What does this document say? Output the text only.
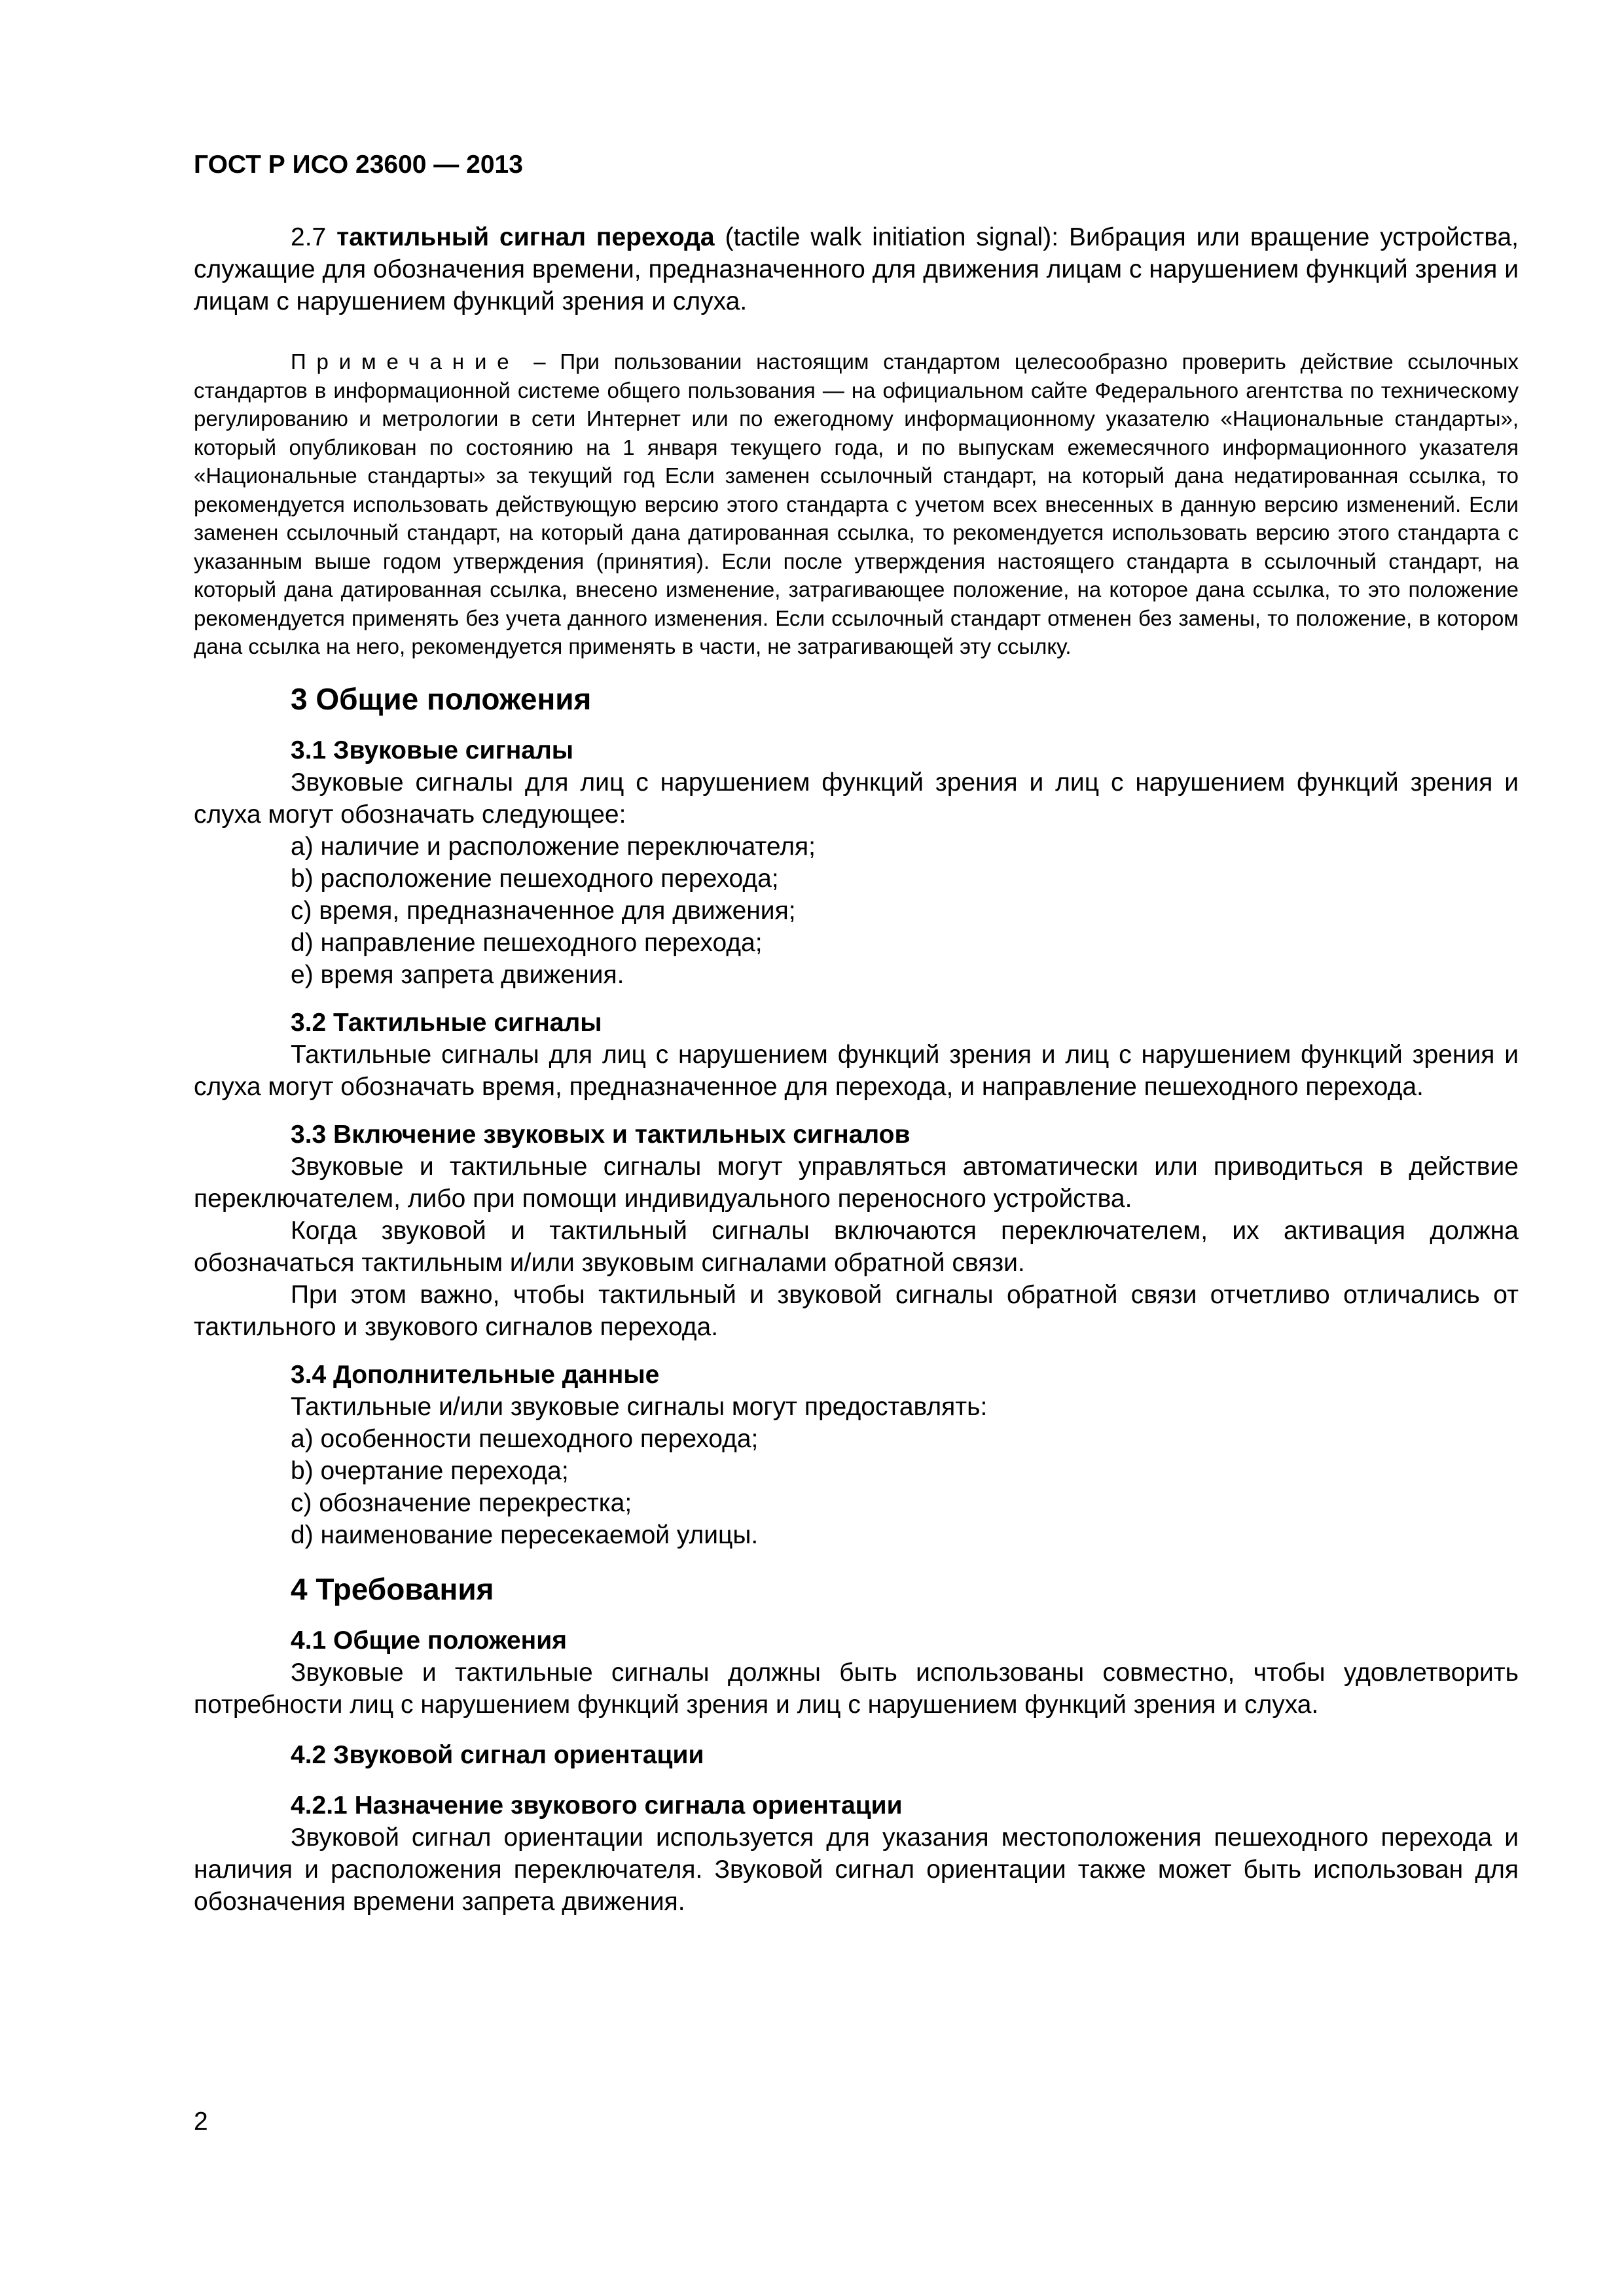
ГОСТ Р ИСО 23600 — 2013

2.7 тактильный сигнал перехода (tactile walk initiation signal): Вибрация или вращение устройства, служащие для обозначения времени, предназначенного для движения лицам с нарушением функций зрения и лицам с нарушением функций зрения и слуха.

Примечание – При пользовании настоящим стандартом целесообразно проверить действие ссылочных стандартов в информационной системе общего пользования — на официальном сайте Федерального агентства по техническому регулированию и метрологии в сети Интернет или по ежегодному информационному указателю «Национальные стандарты», который опубликован по состоянию на 1 января текущего года, и по выпускам ежемесячного информационного указателя «Национальные стандарты» за текущий год Если заменен ссылочный стандарт, на который дана недатированная ссылка, то рекомендуется использовать действующую версию этого стандарта с учетом всех внесенных в данную версию изменений. Если заменен ссылочный стандарт, на который дана датированная ссылка, то рекомендуется использовать версию этого стандарта с указанным выше годом утверждения (принятия). Если после утверждения настоящего стандарта в ссылочный стандарт, на который дана датированная ссылка, внесено изменение, затрагивающее положение, на которое дана ссылка, то это положение рекомендуется применять без учета данного изменения. Если ссылочный стандарт отменен без замены, то положение, в котором дана ссылка на него, рекомендуется применять в части, не затрагивающей эту ссылку.

3 Общие положения
3.1 Звуковые сигналы

Звуковые сигналы для лиц с нарушением функций зрения и лиц с нарушением функций зрения и слуха могут обозначать следующее:

a) наличие и расположение переключателя;

b) расположение пешеходного перехода;

c) время, предназначенное для движения;

d) направление пешеходного перехода;

e) время запрета движения.

3.2 Тактильные сигналы

Тактильные сигналы для лиц с нарушением функций зрения и лиц с нарушением функций зрения и слуха могут обозначать время, предназначенное для перехода, и направление пешеходного перехода.

3.3 Включение звуковых и тактильных сигналов

Звуковые и тактильные сигналы могут управляться автоматически или приводиться в действие переключателем, либо при помощи индивидуального переносного устройства.

Когда звуковой и тактильный сигналы включаются переключателем, их активация должна обозначаться тактильным и/или звуковым сигналами обратной связи.

При этом важно, чтобы тактильный и звуковой сигналы обратной связи отчетливо отличались от тактильного и звукового сигналов перехода.

3.4 Дополнительные данные

Тактильные и/или звуковые сигналы могут предоставлять:

a) особенности пешеходного перехода;

b) очертание перехода;

c) обозначение перекрестка;

d) наименование пересекаемой улицы.

4 Требования
4.1 Общие положения

Звуковые и тактильные сигналы должны быть использованы совместно, чтобы удовлетворить потребности лиц с нарушением функций зрения и лиц с нарушением функций зрения и слуха.

4.2 Звуковой сигнал ориентации
4.2.1 Назначение звукового сигнала ориентации

Звуковой сигнал ориентации используется для указания местоположения пешеходного перехода и наличия и расположения переключателя. Звуковой сигнал ориентации также может быть использован для обозначения времени запрета движения.

2
